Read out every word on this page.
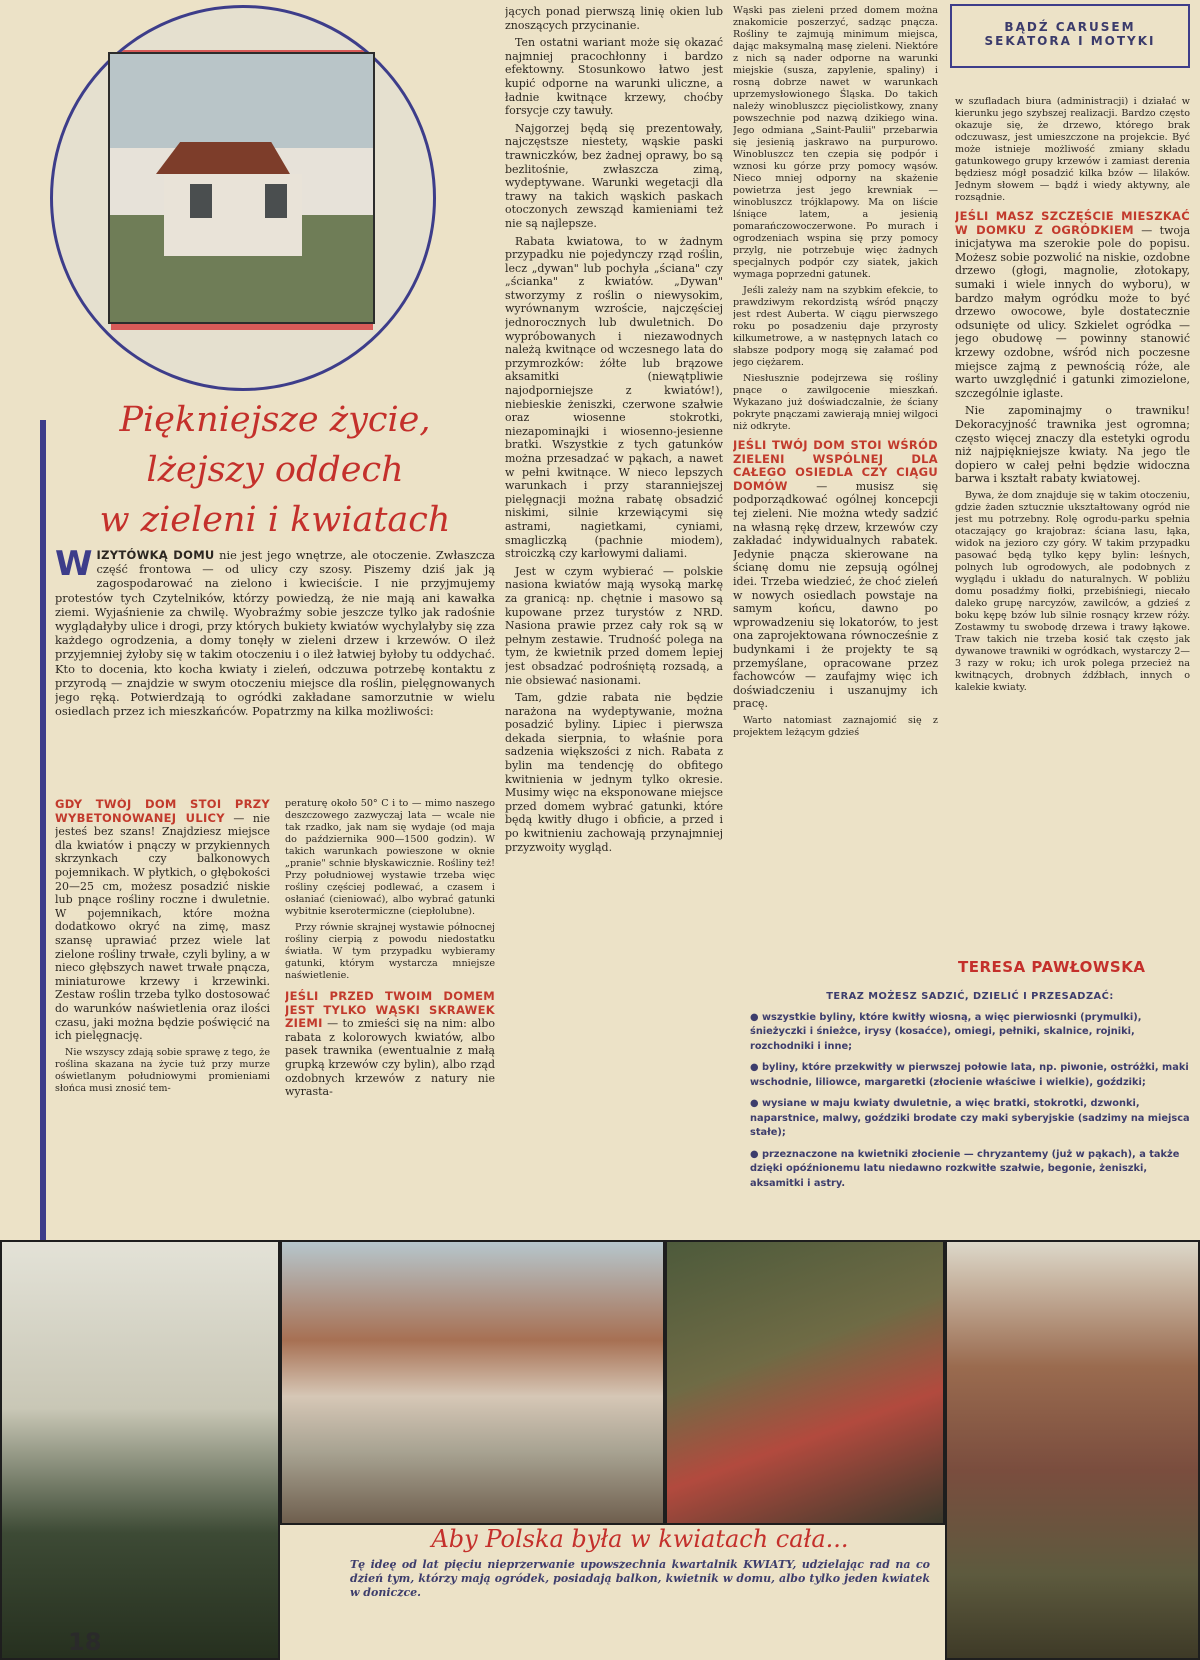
Piękniejsze życie,
lżejszy oddech
w zieleni i kwiatach

WIZYTÓWKĄ DOMU nie jest jego wnętrze, ale otoczenie. Zwłaszcza część frontowa — od ulicy czy szosy. Piszemy dziś jak ją zagospodarować na zielono i kwieciście. I nie przyjmujemy protestów tych Czytelników, którzy powiedzą, że nie mają ani kawałka ziemi. Wyjaśnienie za chwilę. Wyobraźmy sobie jeszcze tylko jak radośnie wyglądałyby ulice i drogi, przy których bukiety kwiatów wychylałyby się zza każdego ogrodzenia, a domy tonęły w zieleni drzew i krzewów. O ileż przyjemniej żyłoby się w takim otoczeniu i o ileż łatwiej byłoby tu oddychać. Kto to docenia, kto kocha kwiaty i zieleń, odczuwa potrzebę kontaktu z przyrodą — znajdzie w swym otoczeniu miejsce dla roślin, pielęgnowanych jego ręką. Potwierdzają to ogródki zakładane samorzutnie w wielu osiedlach przez ich mieszkańców. Popatrzmy na kilka możliwości:

GDY TWÓJ DOM STOI PRZY WYBETONOWANEJ ULICY — nie jesteś bez szans! Znajdziesz miejsce dla kwiatów i pnączy w przykiennych skrzynkach czy balkonowych pojemnikach. W płytkich, o głębokości 20—25 cm, możesz posadzić niskie lub pnące rośliny roczne i dwuletnie. W pojemnikach, które można dodatkowo okryć na zimę, masz szansę uprawiać przez wiele lat zielone rośliny trwałe, czyli byliny, a w nieco głębszych nawet trwałe pnącza, miniaturowe krzewy i krzewinki. Zestaw roślin trzeba tylko dostosować do warunków naświetlenia oraz ilości czasu, jaki można będzie poświęcić na ich pielęgnację.

Nie wszyscy zdają sobie sprawę z tego, że roślina skazana na życie tuż przy murze oświetlanym południowymi promieniami słońca musi znosić tem-

peraturę około 50° C i to — mimo naszego deszczowego zazwyczaj lata — wcale nie tak rzadko, jak nam się wydaje (od maja do października 900—1500 godzin). W takich warunkach powieszone w oknie „pranie" schnie błyskawicznie. Rośliny też! Przy południowej wystawie trzeba więc rośliny częściej podlewać, a czasem i osłaniać (cieniować), albo wybrać gatunki wybitnie kserotermiczne (ciepłolubne).

Przy równie skrajnej wystawie północnej rośliny cierpią z powodu niedostatku światła. W tym przypadku wybieramy gatunki, którym wystarcza mniejsze naświetlenie.

JEŚLI PRZED TWOIM DOMEM JEST TYLKO WĄSKI SKRAWEK ZIEMI — to zmieści się na nim: albo rabata z kolorowych kwiatów, albo pasek trawnika (ewentualnie z małą grupką krzewów czy bylin), albo rząd ozdobnych krzewów z natury nie wyrasta-

jących ponad pierwszą linię okien lub znoszących przycinanie.

Ten ostatni wariant może się okazać najmniej pracochłonny i bardzo efektowny. Stosunkowo łatwo jest kupić odporne na warunki uliczne, a ładnie kwitnące krzewy, choćby forsycje czy tawuły.

Najgorzej będą się prezentowały, najczęstsze niestety, wąskie paski trawniczków, bez żadnej oprawy, bo są bezlitośnie, zwłaszcza zimą, wydeptywane. Warunki wegetacji dla trawy na takich wąskich paskach otoczonych zewsząd kamieniami też nie są najlepsze.

Rabata kwiatowa, to w żadnym przypadku nie pojedynczy rząd roślin, lecz „dywan" lub pochyła „ściana" czy „ścianka" z kwiatów. „Dywan" stworzymy z roślin o niewysokim, wyrównanym wzroście, najczęściej jednorocznych lub dwuletnich. Do wypróbowanych i niezawodnych należą kwitnące od wczesnego lata do przymrozków: żółte lub brązowe aksamitki (niewątpliwie najodporniejsze z kwiatów!), niebieskie żeniszki, czerwone szałwie oraz wiosenne stokrotki, niezapominajki i wiosenno-jesienne bratki. Wszystkie z tych gatunków można przesadzać w pąkach, a nawet w pełni kwitnące. W nieco lepszych warunkach i przy staranniejszej pielęgnacji można rabatę obsadzić niskimi, silnie krzewiącymi się astrami, nagietkami, cyniami, smagliczką (pachnie miodem), stroiczką czy karłowymi daliami.

Jest w czym wybierać — polskie nasiona kwiatów mają wysoką markę za granicą: np. chętnie i masowo są kupowane przez turystów z NRD. Nasiona prawie przez cały rok są w pełnym zestawie. Trudność polega na tym, że kwietnik przed domem lepiej jest obsadzać podrośniętą rozsadą, a nie obsiewać nasionami.

Tam, gdzie rabata nie będzie narażona na wydeptywanie, można posadzić byliny. Lipiec i pierwsza dekada sierpnia, to właśnie pora sadzenia większości z nich. Rabata z bylin ma tendencję do obfitego kwitnienia w jednym tylko okresie. Musimy więc na eksponowane miejsce przed domem wybrać gatunki, które będą kwitły długo i obficie, a przed i po kwitnieniu zachowają przynajmniej przyzwoity wygląd.

Wąski pas zieleni przed domem można znakomicie poszerzyć, sadząc pnącza. Rośliny te zajmują minimum miejsca, dając maksymalną masę zieleni. Niektóre z nich są nader odporne na warunki miejskie (susza, zapylenie, spaliny) i rosną dobrze nawet w warunkach uprzemysłowionego Śląska. Do takich należy winobluszcz pięciolistkowy, znany powszechnie pod nazwą dzikiego wina. Jego odmiana „Saint-Paulii" przebarwia się jesienią jaskrawo na purpurowo. Winobluszcz ten czepia się podpór i wznosi ku górze przy pomocy wąsów. Nieco mniej odporny na skażenie powietrza jest jego krewniak — winobluszcz trójklapowy. Ma on liście lśniące latem, a jesienią pomarańczowoczerwone. Po murach i ogrodzeniach wspina się przy pomocy przylg, nie potrzebuje więc żadnych specjalnych podpór czy siatek, jakich wymaga poprzedni gatunek.

Jeśli zależy nam na szybkim efekcie, to prawdziwym rekordzistą wśród pnączy jest rdest Auberta. W ciągu pierwszego roku po posadzeniu daje przyrosty kilkumetrowe, a w następnych latach co słabsze podpory mogą się załamać pod jego ciężarem.

Niesłusznie podejrzewa się rośliny pnące o zawilgocenie mieszkań. Wykazano już doświadczalnie, że ściany pokryte pnączami zawierają mniej wilgoci niż odkryte.

JEŚLI TWÓJ DOM STOI WŚRÓD ZIELENI WSPÓLNEJ DLA CAŁEGO OSIEDLA CZY CIĄGU DOMÓW — musisz się podporządkować ogólnej koncepcji tej zieleni. Nie można wtedy sadzić na własną rękę drzew, krzewów czy zakładać indywidualnych rabatek. Jedynie pnącza skierowane na ścianę domu nie zepsują ogólnej idei. Trzeba wiedzieć, że choć zieleń w nowych osiedlach powstaje na samym końcu, dawno po wprowadzeniu się lokatorów, to jest ona zaprojektowana równocześnie z budynkami i że projekty te są przemyślane, opracowane przez fachowców — zaufajmy więc ich doświadczeniu i uszanujmy ich pracę.

Warto natomiast zaznajomić się z projektem leżącym gdzieś

BĄDŹ CARUSEM
SEKATORA I MOTYKI

w szufladach biura (administracji) i działać w kierunku jego szybszej realizacji. Bardzo często okazuje się, że drzewo, którego brak odczuwasz, jest umieszczone na projekcie. Być może istnieje możliwość zmiany składu gatunkowego grupy krzewów i zamiast derenia będziesz mógł posadzić kilka bzów — lilaków. Jednym słowem — bądź i wiedy aktywny, ale rozsądnie.

JEŚLI MASZ SZCZĘŚCIE MIESZKAĆ W DOMKU Z OGRÓDKIEM — twoja inicjatywa ma szerokie pole do popisu. Możesz sobie pozwolić na niskie, ozdobne drzewo (głogi, magnolie, złotokapy, sumaki i wiele innych do wyboru), w bardzo małym ogródku może to być drzewo owocowe, byle dostatecznie odsunięte od ulicy. Szkielet ogródka — jego obudowę — powinny stanowić krzewy ozdobne, wśród nich poczesne miejsce zajmą z pewnością róże, ale warto uwzględnić i gatunki zimozielone, szczególnie iglaste.

Nie zapominajmy o trawniku! Dekoracyjność trawnika jest ogromna; często więcej znaczy dla estetyki ogrodu niż najpiękniejsze kwiaty. Na jego tle dopiero w całej pełni będzie widoczna barwa i kształt rabaty kwiatowej.

Bywa, że dom znajduje się w takim otoczeniu, gdzie żaden sztucznie ukształtowany ogród nie jest mu potrzebny. Rolę ogrodu-parku spełnia otaczający go krajobraz: ściana lasu, łąka, widok na jezioro czy góry. W takim przypadku pasować będą tylko kępy bylin: leśnych, polnych lub ogrodowych, ale podobnych z wyglądu i układu do naturalnych. W pobliżu domu posadźmy fiołki, przebiśniegi, niecało daleko grupę narcyzów, zawilców, a gdzieś z boku kępę bzów lub silnie rosnący krzew róży. Zostawmy tu swobodę drzewa i trawy łąkowe. Traw takich nie trzeba kosić tak często jak dywanowe trawniki w ogródkach, wystarczy 2—3 razy w roku; ich urok polega przecież na kwitnących, drobnych źdźbłach, innych o kalekie kwiaty.

TERESA PAWŁOWSKA
TERAZ MOŻESZ SADZIĆ, DZIELIĆ I PRZESADZAĆ:

● wszystkie byliny, które kwitły wiosną, a więc pierwiosnki (prymulki), śnieżyczki i śnieżce, irysy (kosaćce), omiegi, pełniki, skalnice, rojniki, rozchodniki i inne;

● byliny, które przekwitły w pierwszej połowie lata, np. piwonie, ostróżki, maki wschodnie, liliowce, margaretki (złocienie właściwe i wielkie), goździki;

● wysiane w maju kwiaty dwuletnie, a więc bratki, stokrotki, dzwonki, naparstnice, malwy, goździki brodate czy maki syberyjskie (sadzimy na miejsca stałe);

● przeznaczone na kwietniki złocienie — chryzantemy (już w pąkach), a także dzięki opóźnionemu latu niedawno rozkwitłe szałwie, begonie, żeniszki, aksamitki i astry.

Aby Polska była w kwiatach cała...
Tę ideę od lat pięciu nieprzerwanie upowszechnia kwartalnik KWIATY, udzielając rad na co dzień tym, którzy mają ogródek, posiadają balkon, kwietnik w domu, albo tylko jeden kwiatek w doniczce.
18
